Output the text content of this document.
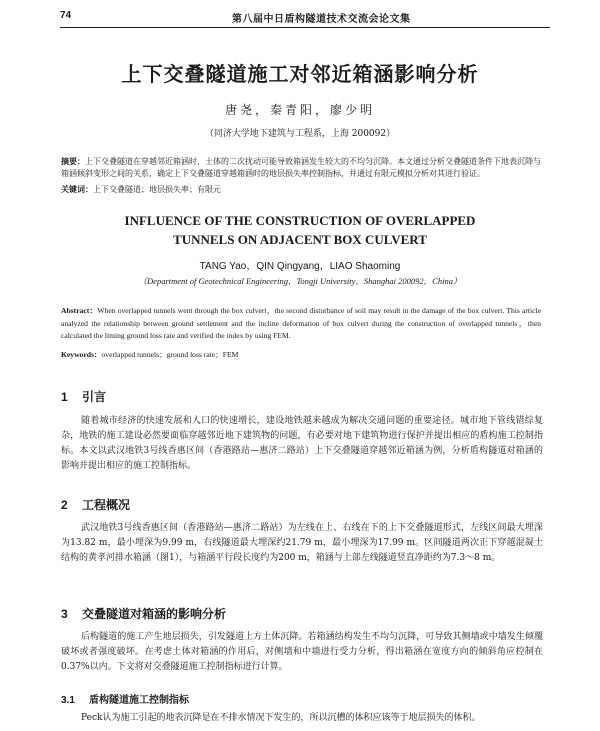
74	第八届中日盾构隧道技术交流会论文集
上下交叠隧道施工对邻近箱涵影响分析
唐尧，秦青阳，廖少明
（同济大学地下建筑与工程系，上海 200092）
摘要：上下交叠隧道在穿越邻近箱涵时，土体的二次扰动可能导致箱涵发生较大的不均匀沉降。本文通过分析交叠隧道条件下地表沉降与箱涵倾斜变形之间的关系，确定上下交叠隧道穿越箱涵时的地层损失率控制指标，并通过有限元模拟分析对其进行验证。
关键词：上下交叠隧道；地层损失率；有限元
INFLUENCE OF THE CONSTRUCTION OF OVERLAPPED
TUNNELS ON ADJACENT BOX CULVERT
TANG Yao，QIN Qingyang，LIAO Shaoming
（Department of Geotechnical Engineering，Tongji University，Shanghai 200092，China）
Abstract：When overlapped tunnels went through the box culvert，the second disturbance of soil may result in the damage of the box culvert. This article analyzed the relationship between ground settlement and the incline deformation of box culvert during the construction of overlapped tunnels，then calculated the liming ground loss rate and verified the index by using FEM.
Keywords：overlapped tunnels；ground loss rate；FEM
1 引言
随着城市经济的快速发展和人口的快速增长，建设地铁越来越成为解决交通问题的重要途径。城市地下管线错综复杂，地铁的施工建设必然要面临穿越邻近地下建筑物的问题，有必要对地下建筑物进行保护并提出相应的盾构施工控制指标。本文以武汉地铁3号线香惠区间（香港路站—惠济二路站）上下交叠隧道穿越邻近箱涵为例，分析盾构隧道对箱涵的影响并提出相应的施工控制指标。
2 工程概况
武汉地铁3号线香惠区间（香港路站—惠济二路站）为左线在上、右线在下的上下交叠隧道形式，左线区间最大埋深为13.82 m，最小埋深为9.99 m，右线隧道最大埋深约21.79 m，最小埋深为17.99 m。区间隧道两次正下穿越混凝土结构的黄孝河排水箱涵（图1），与箱涵平行段长度约为200 m，箱涵与上部左线隧道竖直净距约为7.3～8 m。
3 交叠隧道对箱涵的影响分析
后构隧道的施工产生地层损失，引发隧道上方土体沉降。若箱涵结构发生不均匀沉降，可导致其侧墙或中墙发生倾覆破坏或者强度破坏。在考虑土体对箱涵的作用后，对侧墙和中墙进行受力分析，得出箱涵在宽度方向的倾斜角应控制在0.37%以内。下文将对交叠隧道施工控制指标进行计算。
3.1 盾构隧道施工控制指标
Peck认为施工引起的地表沉降是在不排水情况下发生的，所以沉槽的体积应该等于地层损失的体积。
